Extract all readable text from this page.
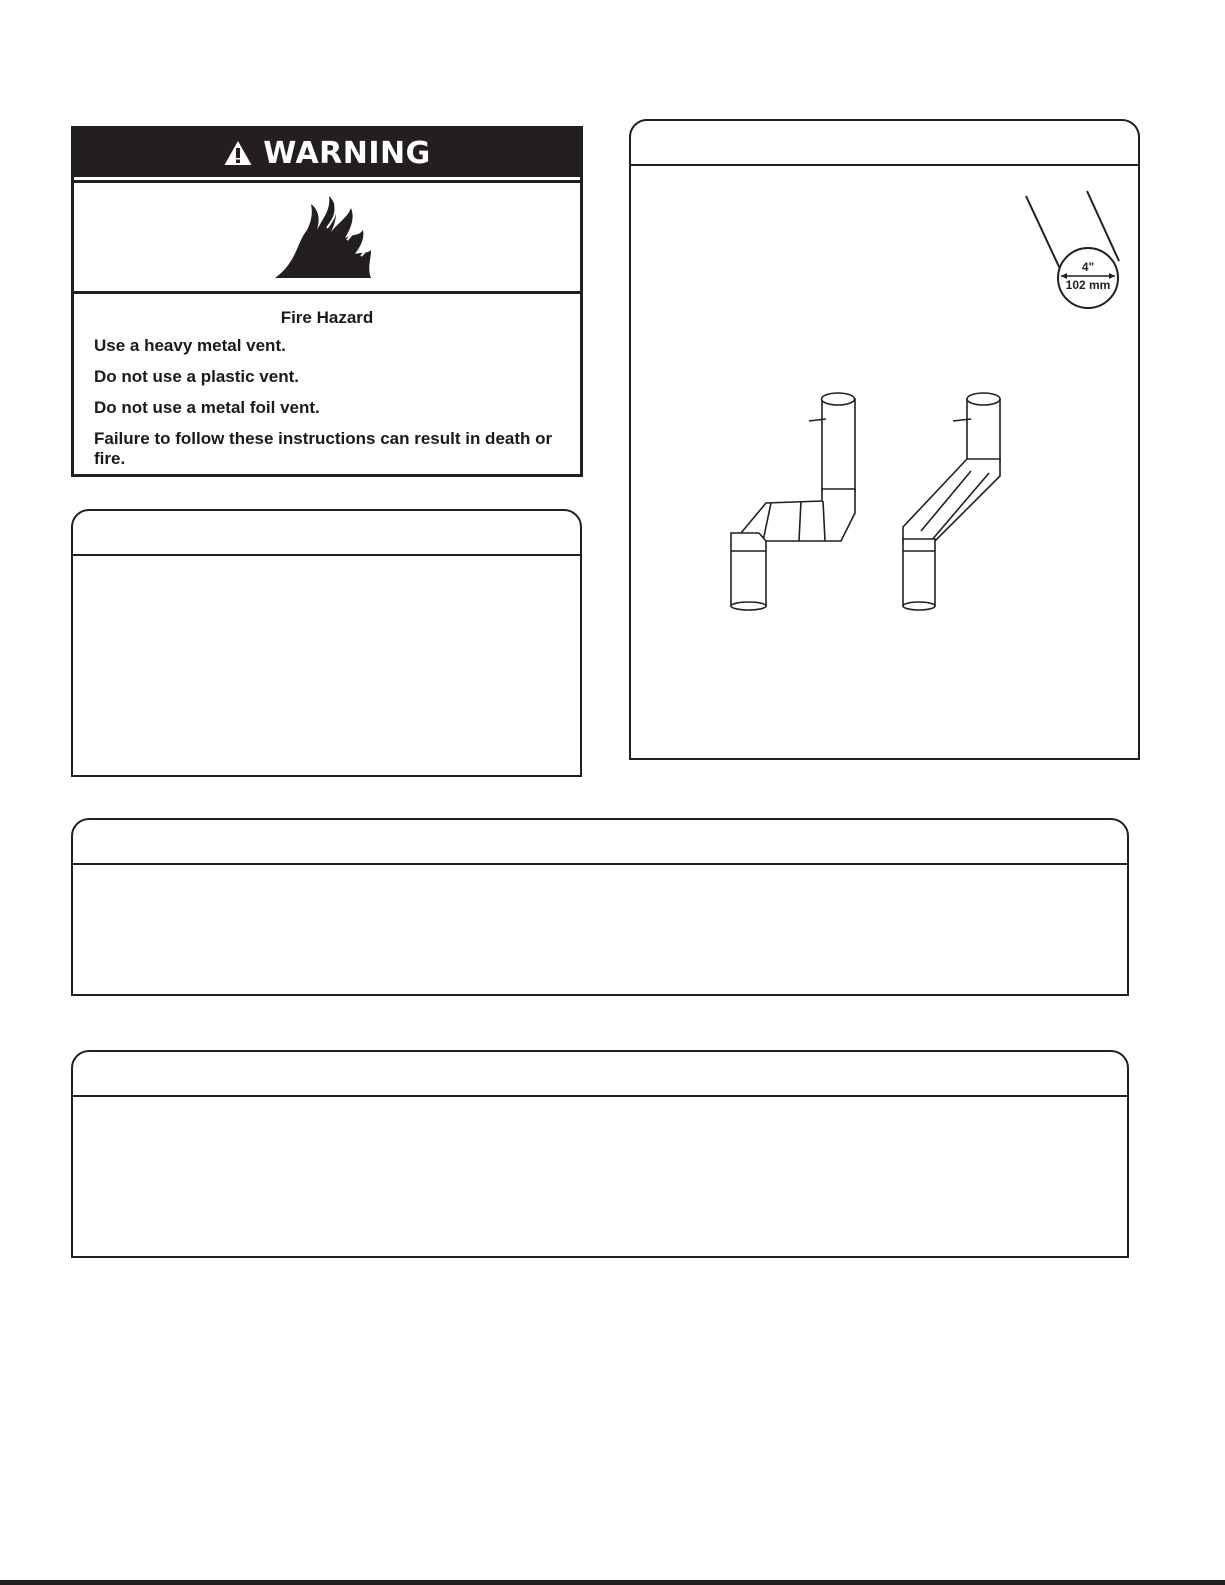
WARNING

Fire Hazard

Use a heavy metal vent.

Do not use a plastic vent.

Do not use a metal foil vent.

Failure to follow these instructions can result in death or fire.

4"
102 mm
